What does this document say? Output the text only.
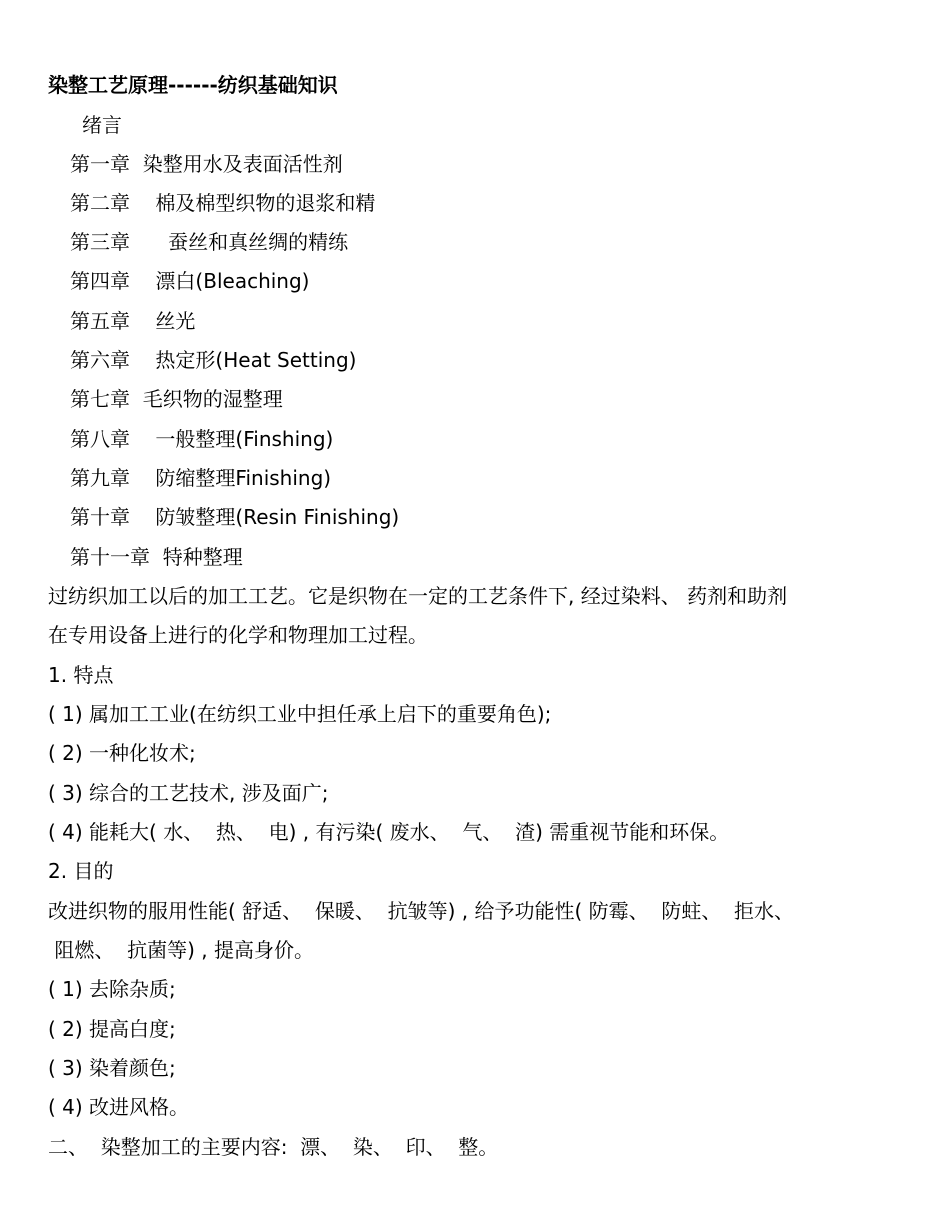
染整工艺原理------纺织基础知识
绪言
第一章  染整用水及表面活性剂
第二章    棉及棉型织物的退浆和精
第三章      蚕丝和真丝绸的精练
第四章    漂白(Bleaching)
第五章    丝光
第六章    热定形(Heat Setting)
第七章  毛织物的湿整理
第八章    一般整理(Finshing)
第九章    防缩整理Finishing)
第十章    防皱整理(Resin Finishing)
第十一章  特种整理
过纺织加工以后的加工工艺。它是织物在一定的工艺条件下, 经过染料、 药剂和助剂
在专用设备上进行的化学和物理加工过程。
1. 特点
( 1) 属加工工业(在纺织工业中担任承上启下的重要角色);
( 2) 一种化妆术;
( 3) 综合的工艺技术, 涉及面广;
( 4) 能耗大( 水、  热、  电) , 有污染( 废水、  气、  渣) 需重视节能和环保。
2. 目的
改进织物的服用性能( 舒适、  保暖、  抗皱等) , 给予功能性( 防霉、  防蛀、  拒水、
阻燃、  抗菌等) , 提高身价。
( 1) 去除杂质;
( 2) 提高白度;
( 3) 染着颜色;
( 4) 改进风格。
二、  染整加工的主要内容:  漂、  染、  印、  整。
